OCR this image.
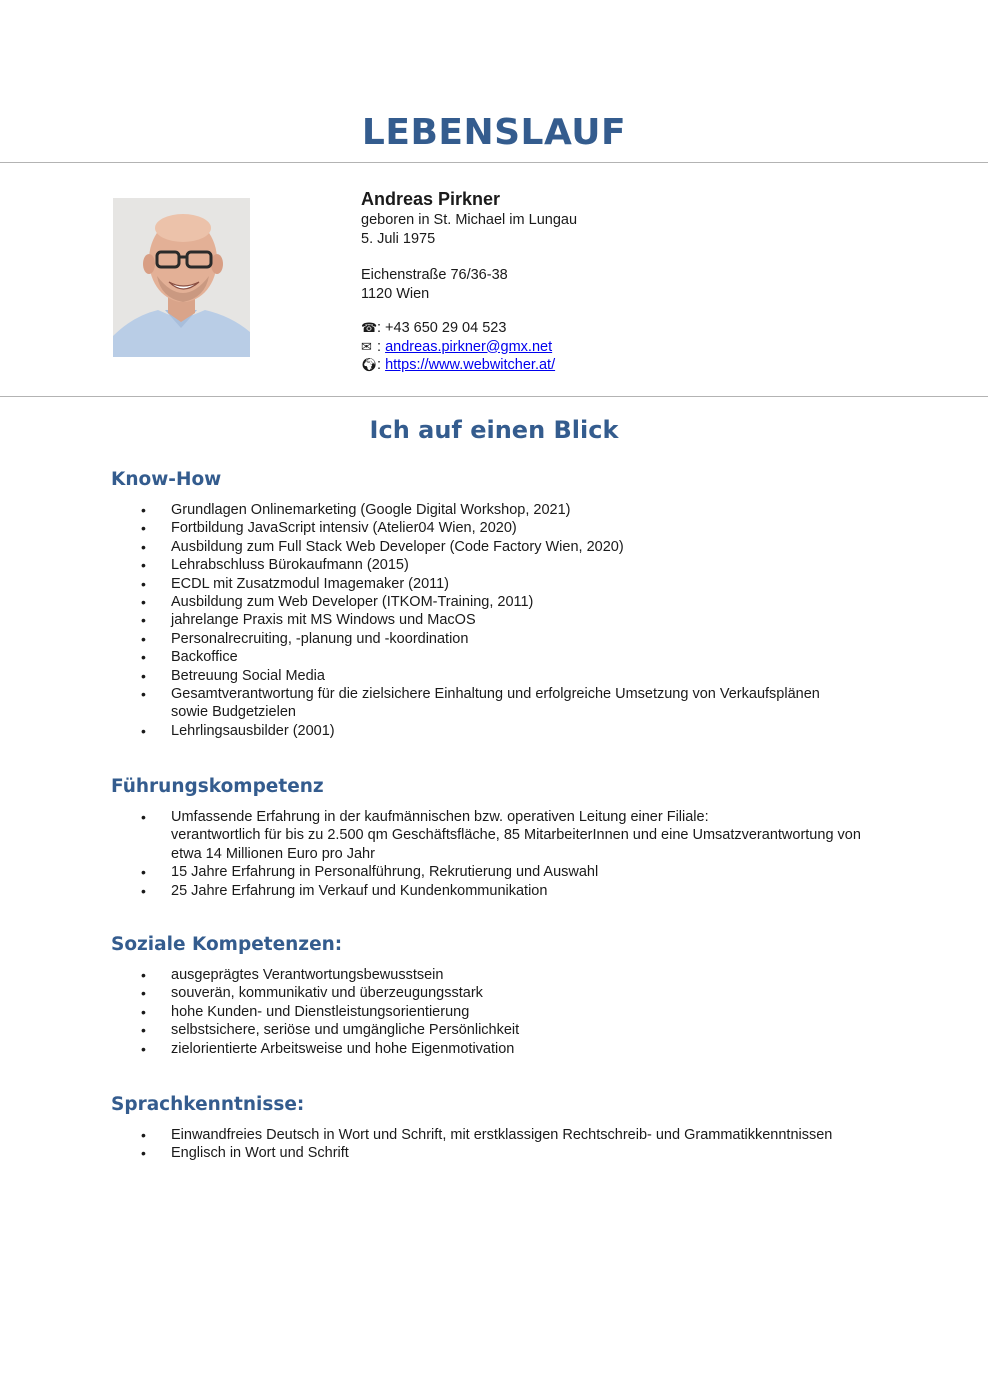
LEBENSLAUF
Andreas Pirkner
geboren in St. Michael im Lungau
5. Juli 1975
Eichenstraße 76/36-38
1120 Wien
☎: +43 650 29 04 523
✉ : andreas.pirkner@gmx.net
🌍︎: https://www.webwitcher.at/
Ich auf einen Blick
Know-How
• Grundlagen Onlinemarketing (Google Digital Workshop, 2021)
• Fortbildung JavaScript intensiv (Atelier04 Wien, 2020)
• Ausbildung zum Full Stack Web Developer (Code Factory Wien, 2020)
• Lehrabschluss Bürokaufmann (2015)
• ECDL mit Zusatzmodul Imagemaker (2011)
• Ausbildung zum Web Developer (ITKOM-Training, 2011)
• jahrelange Praxis mit MS Windows und MacOS
• Personalrecruiting, -planung und -koordination
• Backoffice
• Betreuung Social Media
• Gesamtverantwortung für die zielsichere Einhaltung und erfolgreiche Umsetzung von Verkaufsplänen sowie Budgetzielen
• Lehrlingsausbilder (2001)
Führungskompetenz
• Umfassende Erfahrung in der kaufmännischen bzw. operativen Leitung einer Filiale:
verantwortlich für bis zu 2.500 qm Geschäftsfläche, 85 MitarbeiterInnen und eine Umsatzverantwortung von etwa 14 Millionen Euro pro Jahr
• 15 Jahre Erfahrung in Personalführung, Rekrutierung und Auswahl
• 25 Jahre Erfahrung im Verkauf und Kundenkommunikation
Soziale Kompetenzen:
• ausgeprägtes Verantwortungsbewusstsein
• souverän, kommunikativ und überzeugungsstark
• hohe Kunden- und Dienstleistungsorientierung
• selbstsichere, seriöse und umgängliche Persönlichkeit
• zielorientierte Arbeitsweise und hohe Eigenmotivation
Sprachkenntnisse:
• Einwandfreies Deutsch in Wort und Schrift, mit erstklassigen Rechtschreib- und Grammatikkenntnissen
• Englisch in Wort und Schrift
